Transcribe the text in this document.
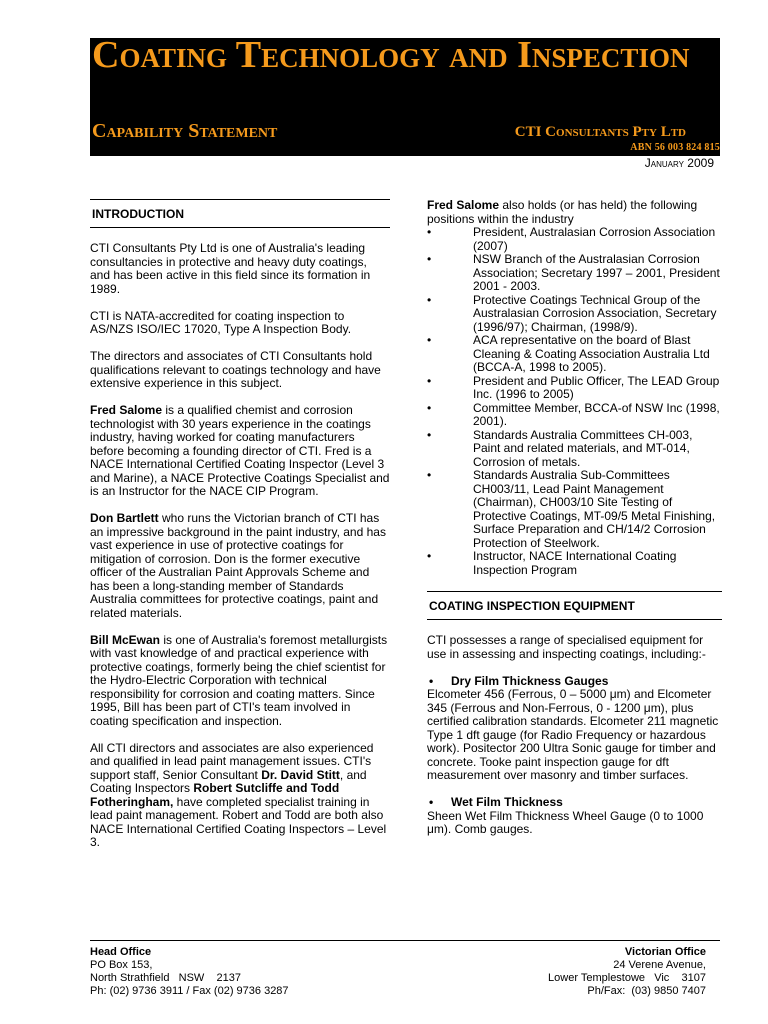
Coating Technology and Inspection
Capability Statement	CTI Consultants Pty Ltd
ABN 56 003 824 815
January 2009
INTRODUCTION

CTI Consultants Pty Ltd is one of Australia's leading consultancies in protective and heavy duty coatings, and has been active in this field since its formation in 1989.

CTI is NATA-accredited for coating inspection to AS/NZS ISO/IEC 17020, Type A Inspection Body.

The directors and associates of CTI Consultants hold qualifications relevant to coatings technology and have extensive experience in this subject.

Fred Salome is a qualified chemist and corrosion technologist with 30 years experience in the coatings industry, having worked for coating manufacturers before becoming a founding director of CTI. Fred is a NACE International Certified Coating Inspector (Level 3 and Marine), a NACE Protective Coatings Specialist and is an Instructor for the NACE CIP Program.

Don Bartlett who runs the Victorian branch of CTI has an impressive background in the paint industry, and has vast experience in use of protective coatings for mitigation of corrosion. Don is the former executive officer of the Australian Paint Approvals Scheme and has been a long-standing member of Standards Australia committees for protective coatings, paint and related materials.

Bill McEwan is one of Australia's foremost metallurgists with vast knowledge of and practical experience with protective coatings, formerly being the chief scientist for the Hydro-Electric Corporation with technical responsibility for corrosion and coating matters. Since 1995, Bill has been part of CTI's team involved in coating specification and inspection.

All CTI directors and associates are also experienced and qualified in lead paint management issues. CTI's support staff, Senior Consultant Dr. David Stitt, and Coating Inspectors Robert Sutcliffe and Todd Fotheringham, have completed specialist training in lead paint management. Robert and Todd are both also NACE International Certified Coating Inspectors – Level 3.

Fred Salome also holds (or has held) the following positions within the industry

• President, Australasian Corrosion Association (2007)
• NSW Branch of the Australasian Corrosion Association; Secretary 1997 – 2001, President 2001 - 2003.
• Protective Coatings Technical Group of the Australasian Corrosion Association, Secretary (1996/97); Chairman, (1998/9).
• ACA representative on the board of Blast Cleaning & Coating Association Australia Ltd (BCCA-A, 1998 to 2005).
• President and Public Officer, The LEAD Group Inc. (1996 to 2005)
• Committee Member, BCCA-of NSW Inc (1998, 2001).
• Standards Australia Committees CH-003, Paint and related materials, and MT-014, Corrosion of metals.
• Standards Australia Sub-Committees CH003/11, Lead Paint Management (Chairman), CH003/10 Site Testing of Protective Coatings, MT-09/5 Metal Finishing, Surface Preparation and CH/14/2 Corrosion Protection of Steelwork.
• Instructor, NACE International Coating Inspection Program
COATING INSPECTION EQUIPMENT

CTI possesses a range of specialised equipment for use in assessing and inspecting coatings, including:-

• Dry Film Thickness Gauges

Elcometer 456 (Ferrous, 0 – 5000 μm) and Elcometer 345 (Ferrous and Non-Ferrous, 0 - 1200 μm), plus certified calibration standards. Elcometer 211 magnetic Type 1 dft gauge (for Radio Frequency or hazardous work). Positector 200 Ultra Sonic gauge for timber and concrete. Tooke paint inspection gauge for dft measurement over masonry and timber surfaces.

• Wet Film Thickness

Sheen Wet Film Thickness Wheel Gauge (0 to 1000 μm). Comb gauges.

Head Office
PO Box 153,
North Strathfield   NSW    2137
Ph: (02) 9736 3911 / Fax (02) 9736 3287
Victorian Office
24 Verene Avenue,
Lower Templestowe   Vic    3107
Ph/Fax:  (03) 9850 7407
